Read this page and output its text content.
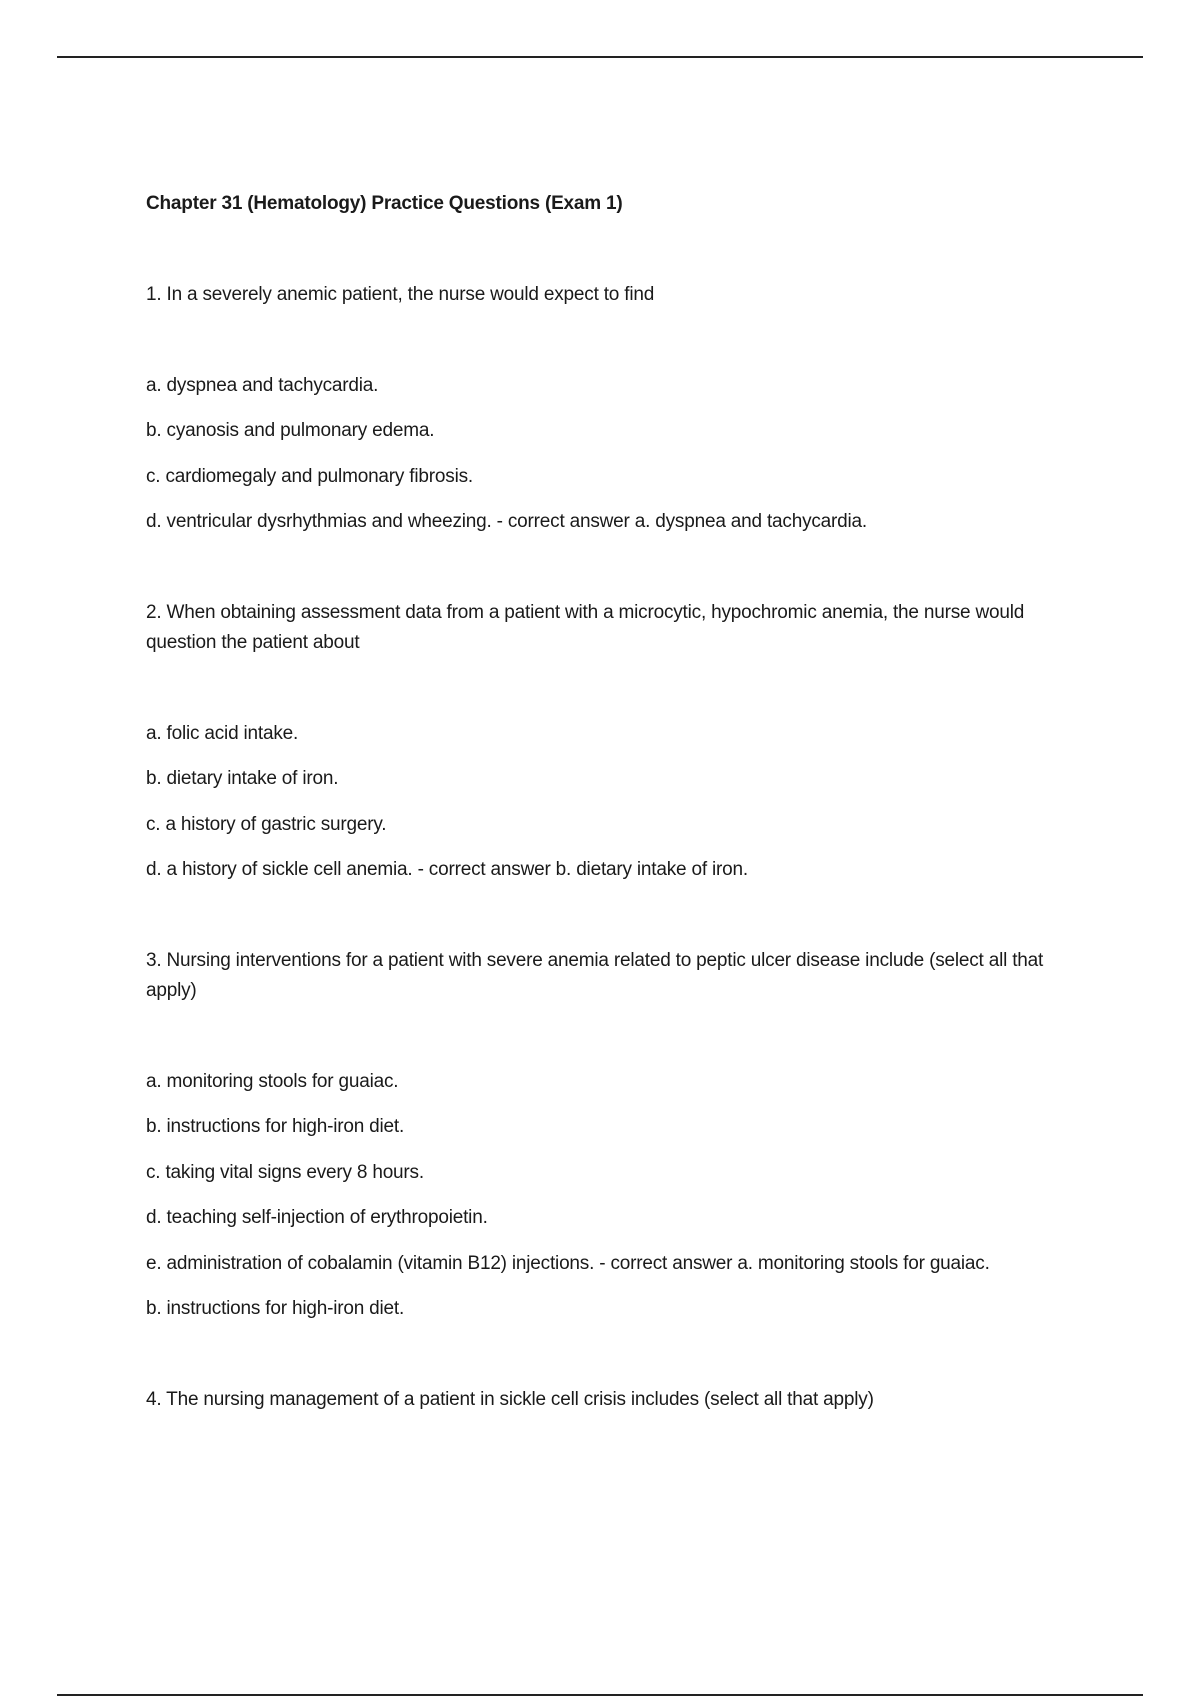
Chapter 31 (Hematology) Practice Questions (Exam 1)

1. In a severely anemic patient, the nurse would expect to find

a. dyspnea and tachycardia.

b. cyanosis and pulmonary edema.

c. cardiomegaly and pulmonary fibrosis.

d. ventricular dysrhythmias and wheezing. - correct answer a. dyspnea and tachycardia.

2. When obtaining assessment data from a patient with a microcytic, hypochromic anemia, the nurse would question the patient about

a. folic acid intake.

b. dietary intake of iron.

c. a history of gastric surgery.

d. a history of sickle cell anemia. - correct answer b. dietary intake of iron.

3. Nursing interventions for a patient with severe anemia related to peptic ulcer disease include (select all that apply)

a. monitoring stools for guaiac.

b. instructions for high-iron diet.

c. taking vital signs every 8 hours.

d. teaching self-injection of erythropoietin.

e. administration of cobalamin (vitamin B12) injections. - correct answer a. monitoring stools for guaiac.

b. instructions for high-iron diet.

4. The nursing management of a patient in sickle cell crisis includes (select all that apply)
